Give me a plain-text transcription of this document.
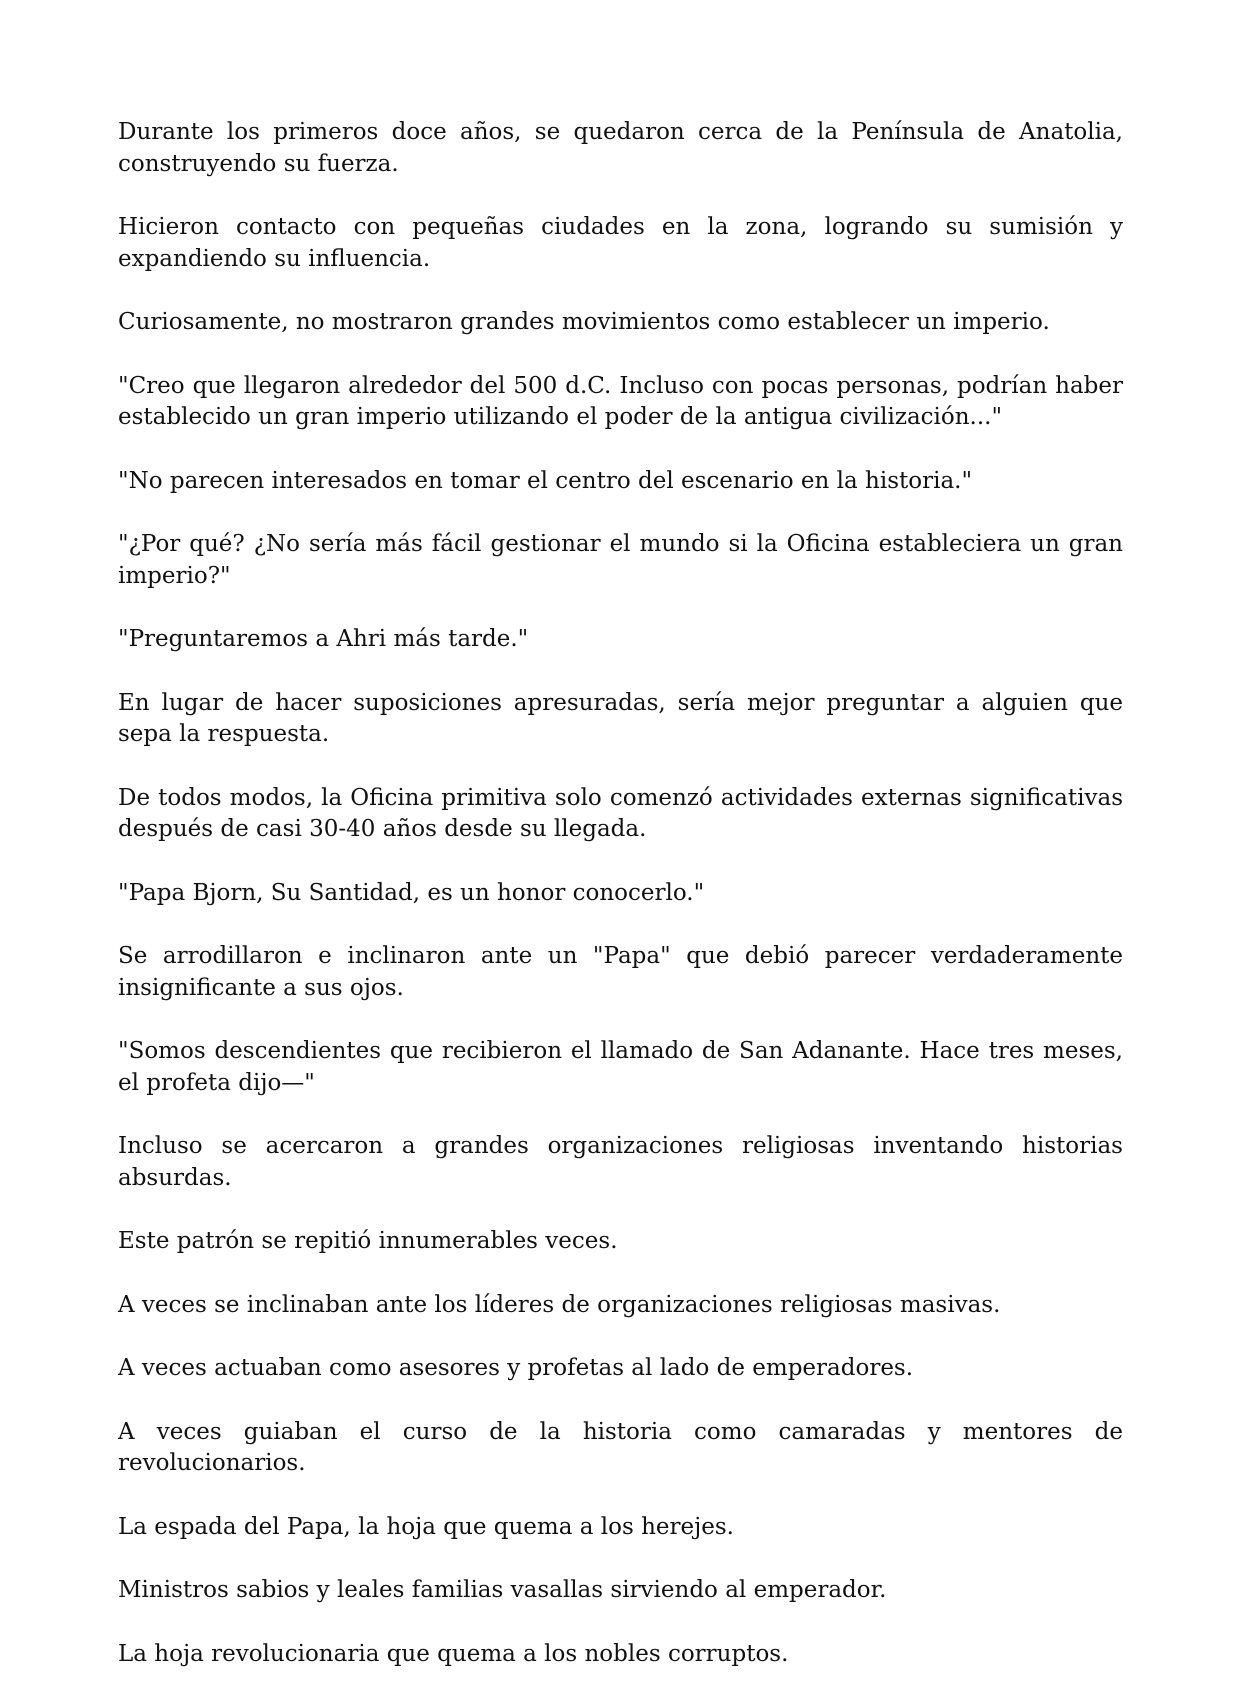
Durante los primeros doce años, se quedaron cerca de la Península de Anatolia, construyendo su fuerza.

Hicieron contacto con pequeñas ciudades en la zona, logrando su sumisión y expandiendo su influencia.

Curiosamente, no mostraron grandes movimientos como establecer un imperio.

"Creo que llegaron alrededor del 500 d.C. Incluso con pocas personas, podrían haber establecido un gran imperio utilizando el poder de la antigua civilización..."

"No parecen interesados en tomar el centro del escenario en la historia."

"¿Por qué? ¿No sería más fácil gestionar el mundo si la Oficina estableciera un gran imperio?"

"Preguntaremos a Ahri más tarde."

En lugar de hacer suposiciones apresuradas, sería mejor preguntar a alguien que sepa la respuesta.

De todos modos, la Oficina primitiva solo comenzó actividades externas significativas después de casi 30-40 años desde su llegada.

"Papa Bjorn, Su Santidad, es un honor conocerlo."

Se arrodillaron e inclinaron ante un "Papa" que debió parecer verdaderamente insignificante a sus ojos.

"Somos descendientes que recibieron el llamado de San Adanante. Hace tres meses, el profeta dijo—"

Incluso se acercaron a grandes organizaciones religiosas inventando historias absurdas.

Este patrón se repitió innumerables veces.

A veces se inclinaban ante los líderes de organizaciones religiosas masivas.

A veces actuaban como asesores y profetas al lado de emperadores.

A veces guiaban el curso de la historia como camaradas y mentores de revolucionarios.

La espada del Papa, la hoja que quema a los herejes.

Ministros sabios y leales familias vasallas sirviendo al emperador.

La hoja revolucionaria que quema a los nobles corruptos.
